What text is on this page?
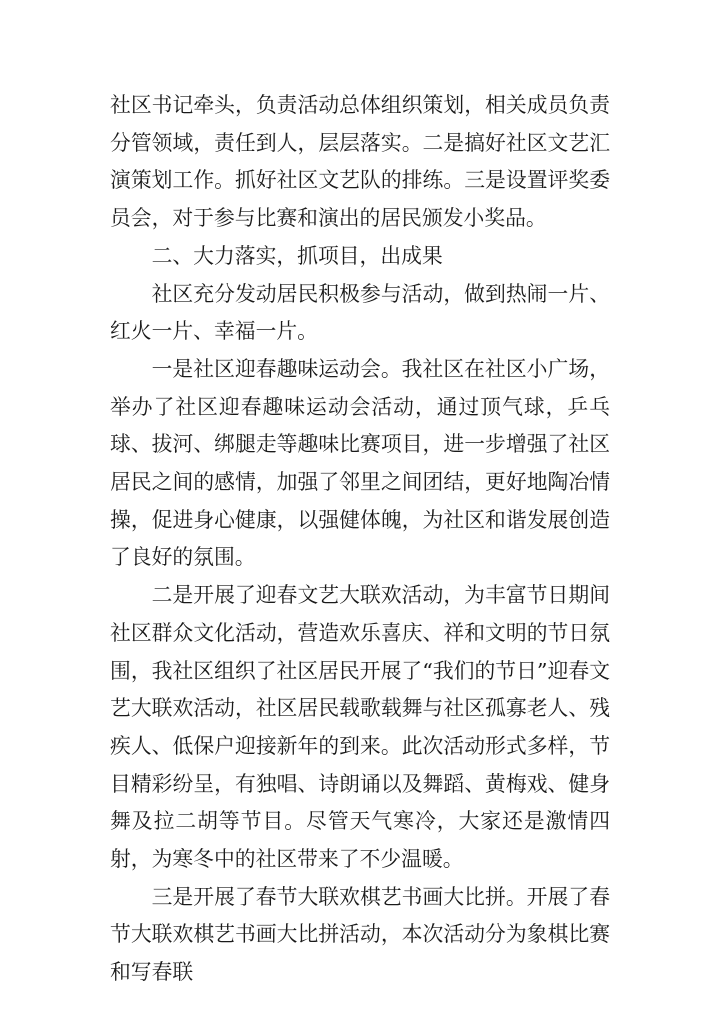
社区书记牵头，负责活动总体组织策划，相关成员负责分管领域，责任到人，层层落实。二是搞好社区文艺汇演策划工作。抓好社区文艺队的排练。三是设置评奖委员会，对于参与比赛和演出的居民颁发小奖品。

二、大力落实，抓项目，出成果

社区充分发动居民积极参与活动，做到热闹一片、红火一片、幸福一片。

一是社区迎春趣味运动会。我社区在社区小广场，举办了社区迎春趣味运动会活动，通过顶气球，乒乓球、拔河、绑腿走等趣味比赛项目，进一步增强了社区居民之间的感情，加强了邻里之间团结，更好地陶冶情操，促进身心健康，以强健体魄，为社区和谐发展创造了良好的氛围。

二是开展了迎春文艺大联欢活动，为丰富节日期间社区群众文化活动，营造欢乐喜庆、祥和文明的节日氛围，我社区组织了社区居民开展了“我们的节日”迎春文艺大联欢活动，社区居民载歌载舞与社区孤寡老人、残疾人、低保户迎接新年的到来。此次活动形式多样，节目精彩纷呈，有独唱、诗朗诵以及舞蹈、黄梅戏、健身舞及拉二胡等节目。尽管天气寒冷，大家还是激情四射，为寒冬中的社区带来了不少温暖。

三是开展了春节大联欢棋艺书画大比拼。开展了春节大联欢棋艺书画大比拼活动，本次活动分为象棋比赛和写春联
